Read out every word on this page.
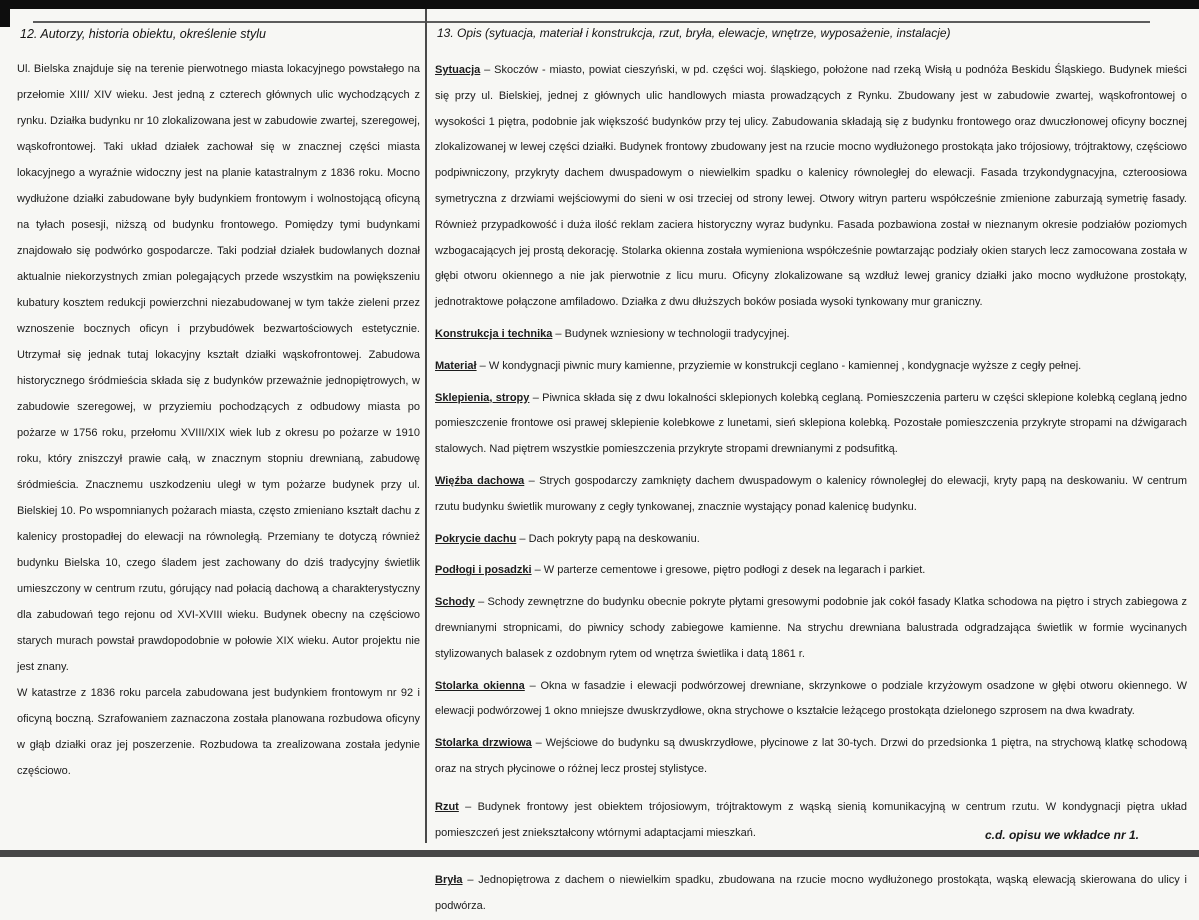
12. Autorzy, historia obiektu, określenie stylu	13. Opis (sytuacja, materiał i konstrukcja, rzut, bryła, elewacje, wnętrze, wyposażenie, instalacje)

Ul. Bielska znajduje się na terenie pierwotnego miasta lokacyjnego powstałego na przełomie XIII/ XIV wieku. Jest jedną z czterech głównych ulic wychodzących z rynku. Działka budynku nr 10 zlokalizowana jest w zabudowie zwartej, szeregowej, wąskofrontowej. Taki układ działek zachował się w znacznej części miasta lokacyjnego a wyraźnie widoczny jest na planie katastralnym z 1836 roku. Mocno wydłużone działki zabudowane były budynkiem frontowym i wolnostojącą oficyną na tyłach posesji, niższą od budynku frontowego. Pomiędzy tymi budynkami znajdowało się podwórko gospodarcze. Taki podział działek budowlanych doznał aktualnie niekorzystnych zmian polegających przede wszystkim na powiększeniu kubatury kosztem redukcji powierzchni niezabudowanej w tym także zieleni przez wznoszenie bocznych oficyn i przybudówek bezwartościowych estetycznie. Utrzymał się jednak tutaj lokacyjny kształt działki wąskofrontowej. Zabudowa historycznego śródmieścia składa się z budynków przeważnie jednopiętrowych, w zabudowie szeregowej, w przyziemiu pochodzących z odbudowy miasta po pożarze w 1756 roku, przełomu XVIII/XIX wiek lub z okresu po pożarze w 1910 roku, który zniszczył prawie całą, w znacznym stopniu drewnianą, zabudowę śródmieścia. Znacznemu uszkodzeniu uległ w tym pożarze budynek przy ul. Bielskiej 10. Po wspomnianych pożarach miasta, często zmieniano kształt dachu z kalenicy prostopadłej do elewacji na równoległą. Przemiany te dotyczą również budynku Bielska 10, czego śladem jest zachowany do dziś tradycyjny świetlik umieszczony w centrum rzutu, górujący nad połacią dachową a charakterystyczny dla zabudowań tego rejonu od XVI-XVIII wieku. Budynek obecny na częściowo starych murach powstał prawdopodobnie w połowie XIX wieku. Autor projektu nie jest znany.

W katastrze z 1836 roku parcela zabudowana jest budynkiem frontowym nr 92 i oficyną boczną. Szrafowaniem zaznaczona została planowana rozbudowa oficyny w głąb działki oraz jej poszerzenie. Rozbudowa ta zrealizowana została jedynie częściowo.

Sytuacja – Skoczów - miasto, powiat cieszyński, w pd. części woj. śląskiego, położone nad rzeką Wisłą u podnóża Beskidu Śląskiego. Budynek mieści się przy ul. Bielskiej, jednej z głównych ulic handlowych miasta prowadzących z Rynku. Zbudowany jest w zabudowie zwartej, wąskofrontowej o wysokości 1 piętra, podobnie jak większość budynków przy tej ulicy. Zabudowania składają się z budynku frontowego oraz dwuczłonowej oficyny bocznej zlokalizowanej w lewej części działki. Budynek frontowy zbudowany jest na rzucie mocno wydłużonego prostokąta jako trójosiowy, trójtraktowy, częściowo podpiwniczony, przykryty dachem dwuspadowym o niewielkim spadku o kalenicy równoległej do elewacji. Fasada trzykondygnacyjna, czteroosiowa symetryczna z drzwiami wejściowymi do sieni w osi trzeciej od strony lewej. Otwory witryn parteru współcześnie zmienione zaburzają symetrię fasady. Również przypadkowość i duża ilość reklam zaciera historyczny wyraz budynku. Fasada pozbawiona został w nieznanym okresie podziałów poziomych wzbogacających jej prostą dekorację. Stolarka okienna została wymieniona współcześnie powtarzając podziały okien starych lecz zamocowana została w głębi otworu okiennego a nie jak pierwotnie z licu muru. Oficyny zlokalizowane są wzdłuż lewej granicy działki jako mocno wydłużone prostokąty, jednotraktowe połączone amfiladowo. Działka z dwu dłuższych boków posiada wysoki tynkowany mur graniczny.
Konstrukcja i technika – Budynek wzniesiony w technologii tradycyjnej.
Materiał – W kondygnacji piwnic mury kamienne, przyziemie w konstrukcji ceglano - kamiennej , kondygnacje wyższe z cegły pełnej.
Sklepienia, stropy – Piwnica składa się z dwu lokalności sklepionych kolebką ceglaną. Pomieszczenia parteru w części sklepione kolebką ceglaną jedno pomieszczenie frontowe osi prawej sklepienie kolebkowe z lunetami, sień sklepiona kolebką. Pozostałe pomieszczenia przykryte stropami na dźwigarach stalowych. Nad piętrem wszystkie pomieszczenia przykryte stropami drewnianymi z podsufitką.
Więźba dachowa – Strych gospodarczy zamknięty dachem dwuspadowym o kalenicy równoległej do elewacji, kryty papą na deskowaniu. W centrum rzutu budynku świetlik murowany z cegły tynkowanej, znacznie wystający ponad kalenicę budynku.
Pokrycie dachu – Dach pokryty papą na deskowaniu.
Podłogi i posadzki – W parterze cementowe i gresowe, piętro podłogi z desek na legarach i parkiet.
Schody – Schody zewnętrzne do budynku obecnie pokryte płytami gresowymi podobnie jak cokół fasady Klatka schodowa na piętro i strych zabiegowa z drewnianymi stropnicami, do piwnicy schody zabiegowe kamienne. Na strychu drewniana balustrada odgradzająca świetlik w formie wycinanych stylizowanych balasek z ozdobnym rytem od wnętrza świetlika i datą 1861 r.
Stolarka okienna – Okna w fasadzie i elewacji podwórzowej drewniane, skrzynkowe o podziale krzyżowym osadzone w głębi otworu okiennego. W elewacji podwórzowej 1 okno mniejsze dwuskrzydłowe, okna strychowe o kształcie leżącego prostokąta dzielonego szprosem na dwa kwadraty.
Stolarka drzwiowa – Wejściowe do budynku są dwuskrzydłowe, płycinowe z lat 30-tych. Drzwi do przedsionka 1 piętra, na strychową klatkę schodową oraz na strych płycinowe o różnej lecz prostej stylistyce.
Rzut – Budynek frontowy jest obiektem trójosiowym, trójtraktowym z wąską sienią komunikacyjną w centrum rzutu. W kondygnacji piętra układ pomieszczeń jest zniekształcony wtórnymi adaptacjami mieszkań.
Bryła – Jednopiętrowa z dachem o niewielkim spadku, zbudowana na rzucie mocno wydłużonego prostokąta, wąską elewacją skierowana do ulicy i podwórza.
c.d. opisu we wkładce nr 1.
